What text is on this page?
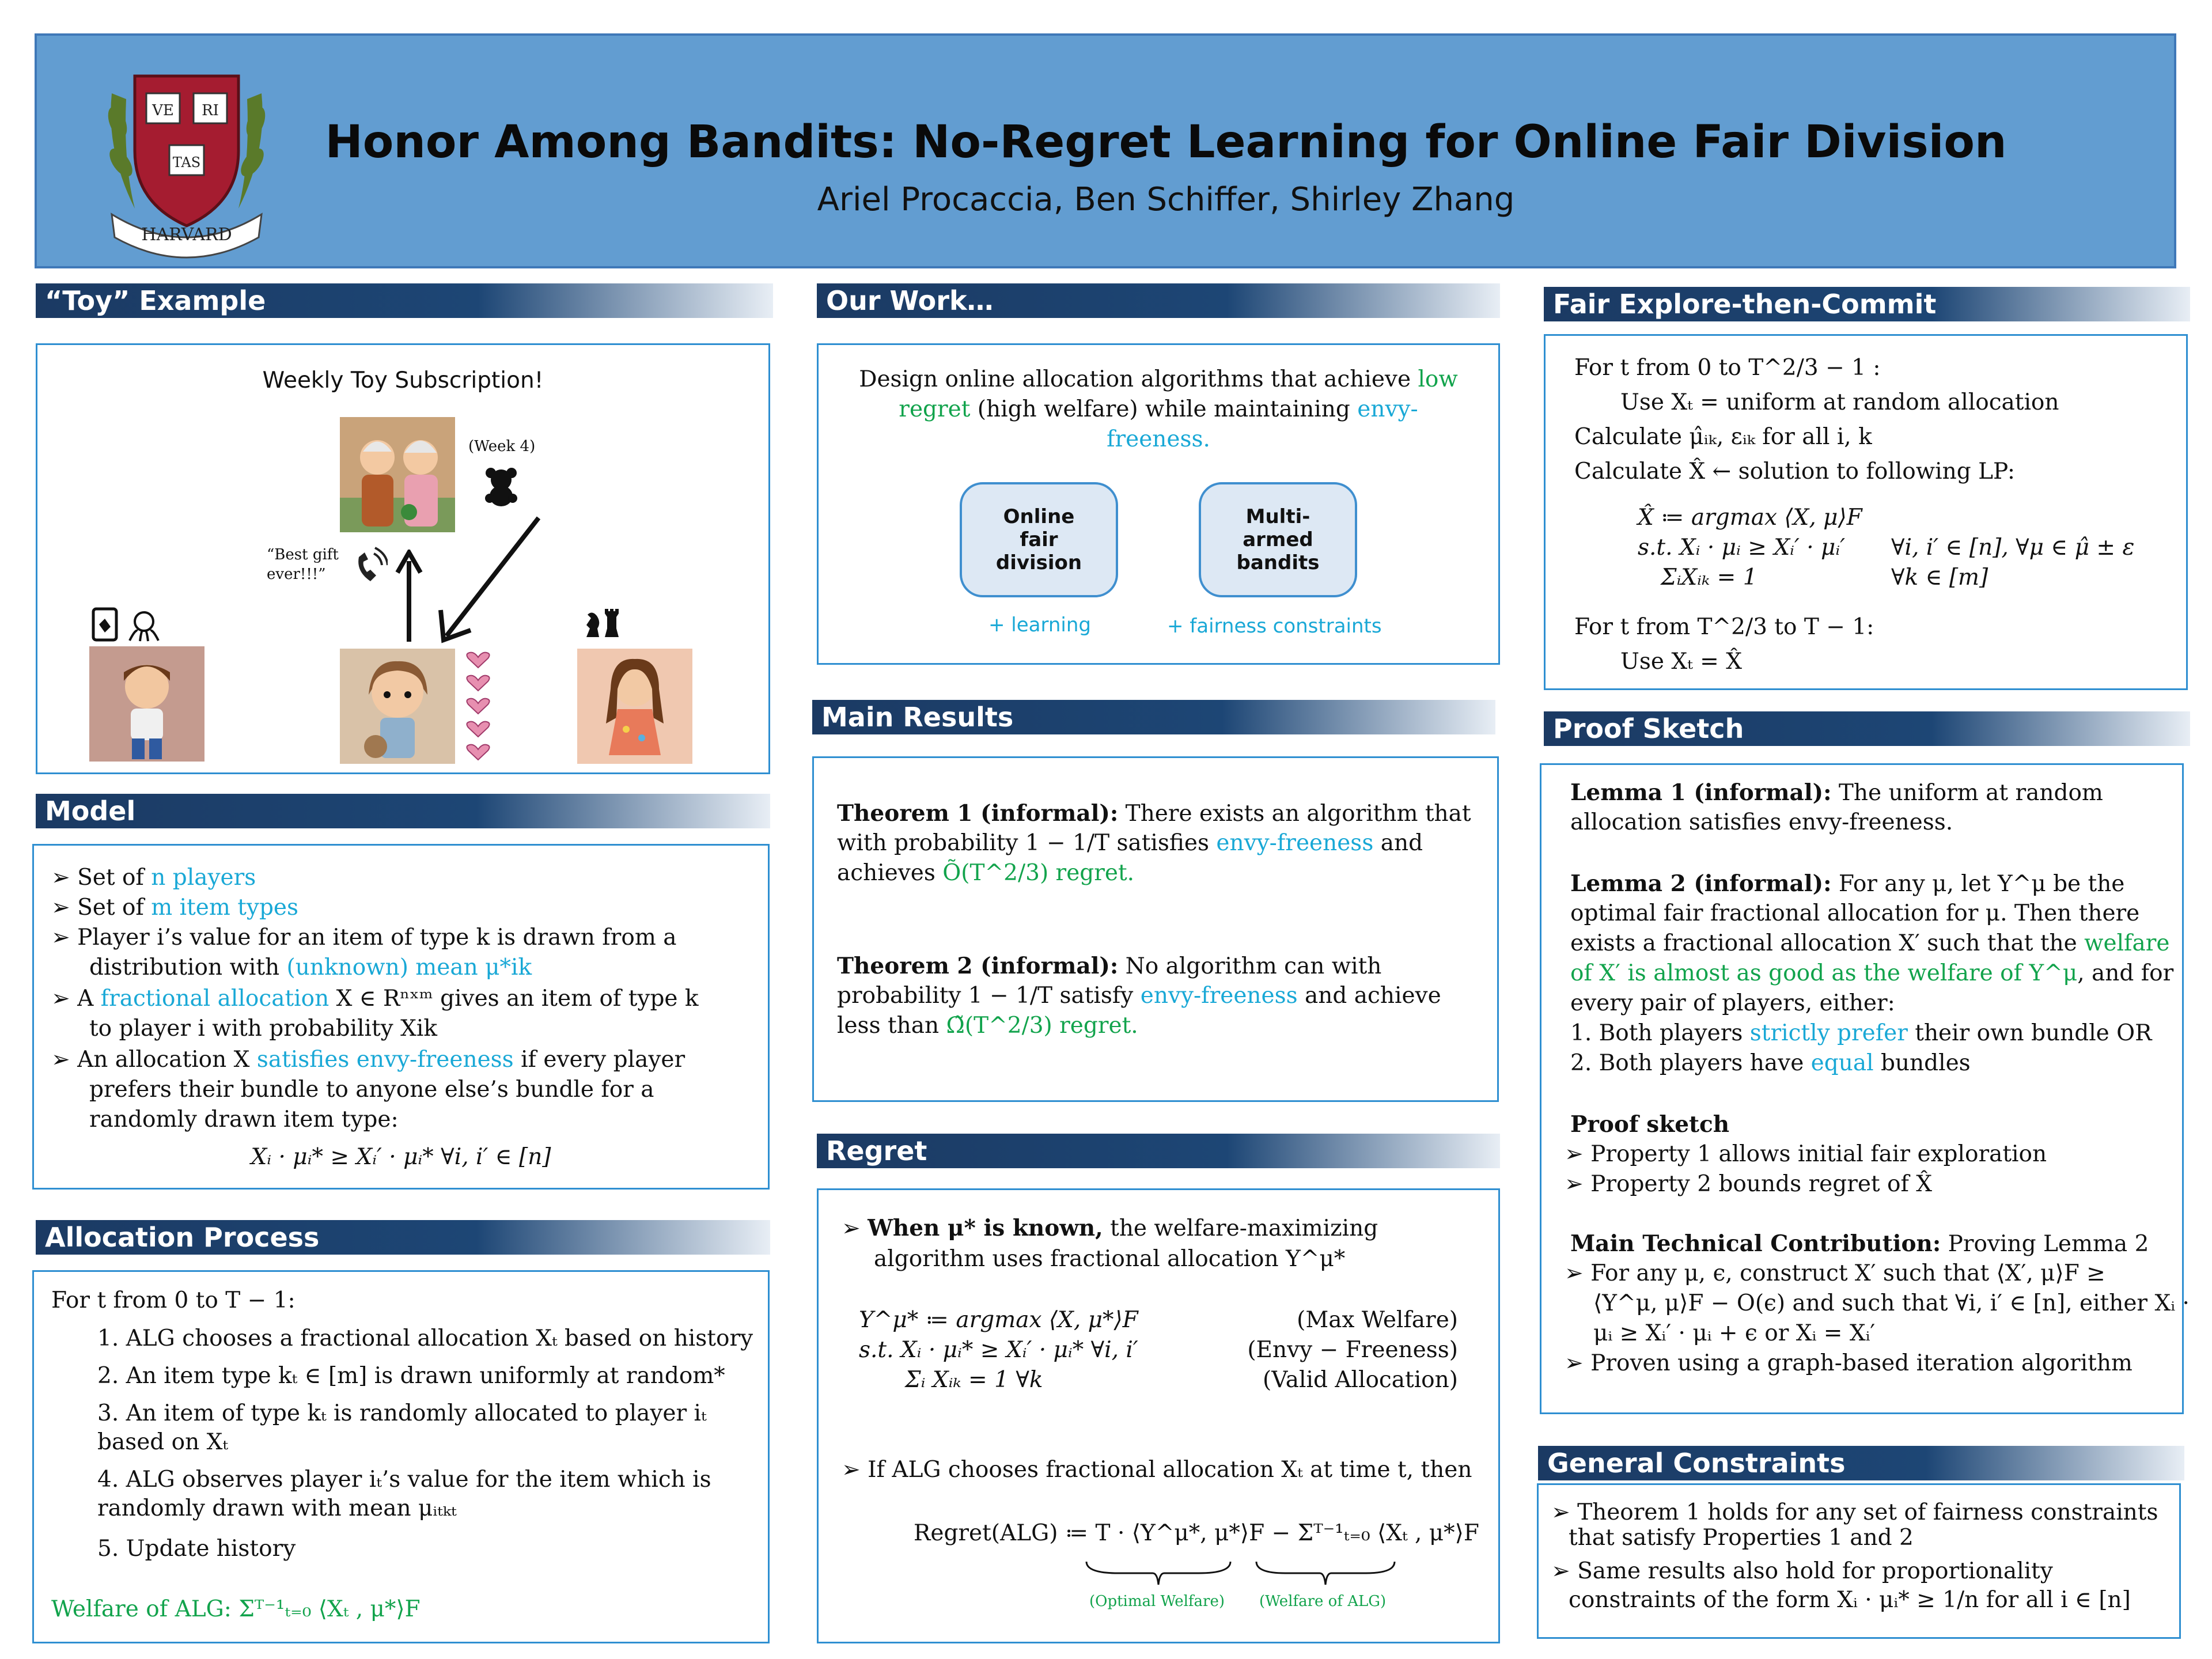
VE RI
TAS
HARVARD
Honor Among Bandits: No-Regret Learning for Online Fair Division
Ariel Procaccia, Ben Schiffer, Shirley Zhang
“Toy” Example
Weekly Toy Subscription!
(Week 4)
“Best gift
ever!!!”
Model
➢ Set of n players
➢ Set of m item types
➢ Player i’s value for an item of type k is drawn from a
distribution with (unknown) mean μ*ik
➢ A fractional allocation X ∈ Rⁿˣᵐ gives an item of type k
to player i with probability Xik
➢ An allocation X satisfies envy-freeness if every player
prefers their bundle to anyone else’s bundle for a
randomly drawn item type:
Xᵢ · μᵢ* ≥ Xᵢ′ · μᵢ* ∀i, i′ ∈ [n]
Allocation Process
For t from 0 to T − 1:
1. ALG chooses a fractional allocation Xₜ based on history
2. An item type kₜ ∈ [m] is drawn uniformly at random*
3. An item of type kₜ is randomly allocated to player iₜ
based on Xₜ
4. ALG observes player iₜ’s value for the item which is
randomly drawn with mean μᵢₜₖₜ
5. Update history
Welfare of ALG: Σᵀ⁻¹ₜ₌₀ ⟨Xₜ , μ*⟩F
Our Work…
Design online allocation algorithms that achieve low
regret (high welfare) while maintaining envy-
freeness.
Online fair division
Multi-armed bandits
+ learning	+ fairness constraints
Main Results
Theorem 1 (informal): There exists an algorithm that
with probability 1 − 1/T satisfies envy-freeness and
achieves Õ(T^2/3) regret.
Theorem 2 (informal): No algorithm can with
probability 1 − 1/T satisfy envy-freeness and achieve
less than Ω̃(T^2/3) regret.
Regret
➢ When μ* is known, the welfare-maximizing
algorithm uses fractional allocation Y^μ*
Y^μ* ≔ argmax ⟨X, μ*⟩F
s.t. Xᵢ · μᵢ* ≥ Xᵢ′ · μᵢ* ∀i, i′
Σᵢ Xᵢₖ = 1 ∀k
(Max Welfare)
(Envy − Freeness)
(Valid Allocation)
➢ If ALG chooses fractional allocation Xₜ at time t, then
Regret(ALG) ≔ T · ⟨Y^μ*, μ*⟩F − Σᵀ⁻¹ₜ₌₀ ⟨Xₜ , μ*⟩F
(Optimal Welfare) (Welfare of ALG)
Fair Explore-then-Commit
For t from 0 to T^2/3 − 1 :
Use Xₜ = uniform at random allocation
Calculate μ̂ᵢₖ, εᵢₖ for all i, k
Calculate X̂ ← solution to following LP:
X̂ ≔ argmax ⟨X, μ⟩F
s.t. Xᵢ · μᵢ ≥ Xᵢ′ · μᵢ′ ∀i, i′ ∈ [n], ∀μ ∈ μ̂ ± ε
ΣᵢXᵢₖ = 1	∀k ∈ [m]
For t from T^2/3 to T − 1:
Use Xₜ = X̂
Proof Sketch
Lemma 1 (informal): The uniform at random
allocation satisfies envy-freeness.
Lemma 2 (informal): For any μ, let Y^μ be the
optimal fair fractional allocation for μ. Then there
exists a fractional allocation X′ such that the welfare
of X′ is almost as good as the welfare of Y^μ, and for
every pair of players, either:
1. Both players strictly prefer their own bundle OR
2. Both players have equal bundles
Proof sketch
➢ Property 1 allows initial fair exploration
➢ Property 2 bounds regret of X̂
Main Technical Contribution: Proving Lemma 2
➢ For any μ, ϵ, construct X′ such that ⟨X′, μ⟩F ≥
⟨Y^μ, μ⟩F − O(ϵ) and such that ∀i, i′ ∈ [n], either Xᵢ ·
μᵢ ≥ Xᵢ′ · μᵢ + ϵ or Xᵢ = Xᵢ′
➢ Proven using a graph-based iteration algorithm
General Constraints
➢ Theorem 1 holds for any set of fairness constraints
that satisfy Properties 1 and 2
➢ Same results also hold for proportionality
constraints of the form Xᵢ · μᵢ* ≥ 1/n for all i ∈ [n]
